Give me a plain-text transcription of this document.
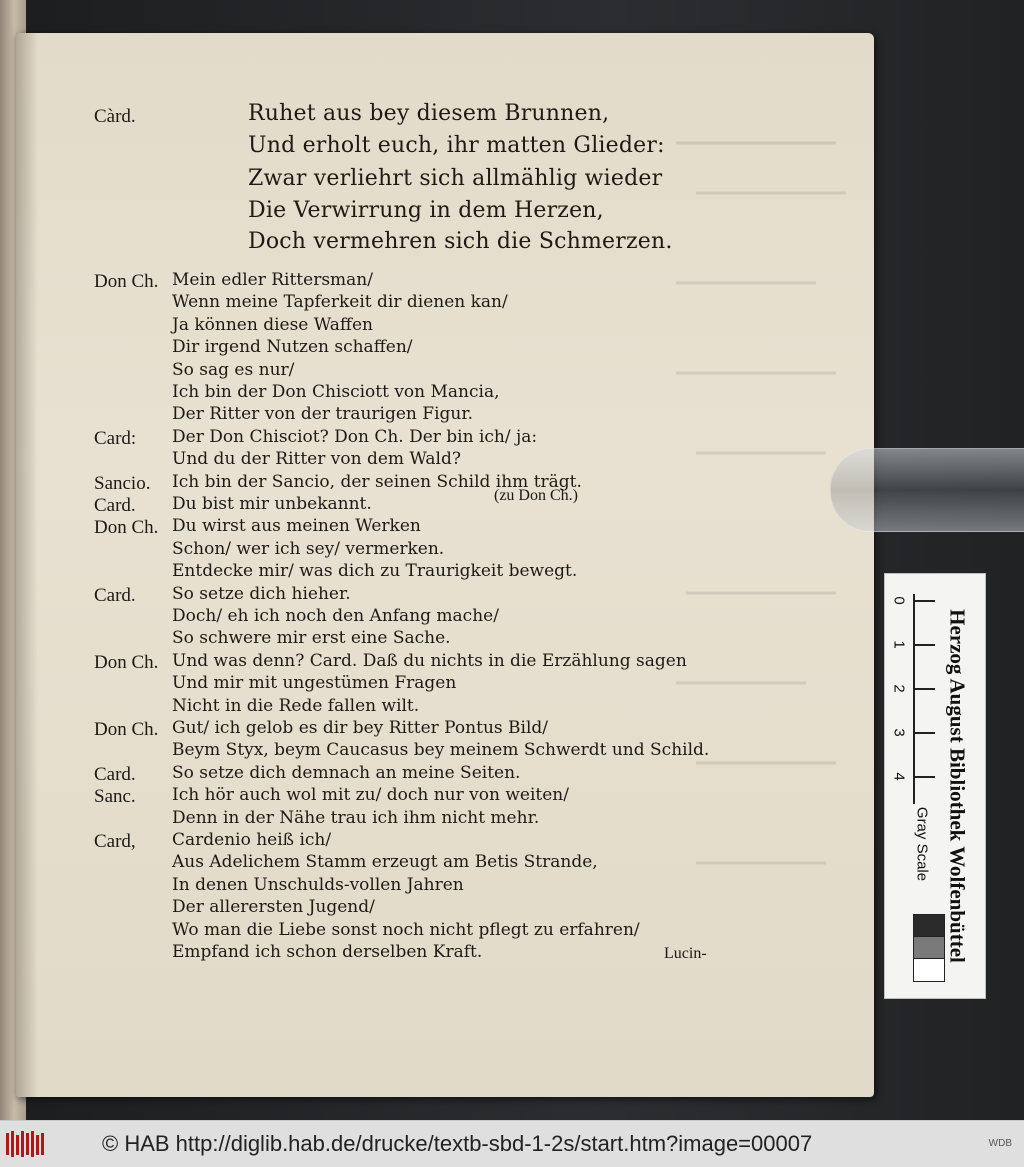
Càrd.	Ruhet aus bey diesem Brunnen,
Und erholt euch, ihr matten Glieder:
Zwar verliehrt sich allmählig wieder
Die Verwirrung in dem Herzen,
Doch vermehren sich die Schmerzen.
Don Ch. Mein edler Rittersman/
Wenn meine Tapferkeit dir dienen kan/
Ja können diese Waffen
Dir irgend Nutzen schaffen/
So sag es nur/
Ich bin der Don Chisciott von Mancia,
Der Ritter von der traurigen Figur.
Card: Der Don Chisciot? Don Ch. Der bin ich/ ja:
Und du der Ritter von dem Wald?
Sancio. Ich bin der Sancio, der seinen Schild ihm trägt.
Card. Du bist mir unbekannt.
Don Ch. Du wirst aus meinen Werken
Schon/ wer ich sey/ vermerken.
Entdecke mir/ was dich zu Traurigkeit bewegt.
Card. So setze dich hieher.
Doch/ eh ich noch den Anfang mache/
So schwere mir erst eine Sache.
Don Ch. Und was denn? Card. Daß du nichts in die Erzählung sagen
Und mir mit ungestümen Fragen
Nicht in die Rede fallen wilt.
Don Ch. Gut/ ich gelob es dir bey Ritter Pontus Bild/
Beym Styx, beym Caucasus bey meinem Schwerdt und Schild.
Card. So setze dich demnach an meine Seiten.
Sanc. Ich hör auch wol mit zu/ doch nur von weiten/
Denn in der Nähe trau ich ihm nicht mehr.
Card, Cardenio heiß ich/
Aus Adelichem Stamm erzeugt am Betis Strande,
In denen Unschulds-vollen Jahren
Der allerersten Jugend/
Wo man die Liebe sonst noch nicht pflegt zu erfahren/
Empfand ich schon derselben Kraft.
(zu Don Ch.)
Lucin-
0
1
2
3
4
Gray Scale Herzog August Bibliothek Wolfenbüttel
© HAB http://diglib.hab.de/drucke/textb-sbd-1-2s/start.htm?image=00007	WDB
